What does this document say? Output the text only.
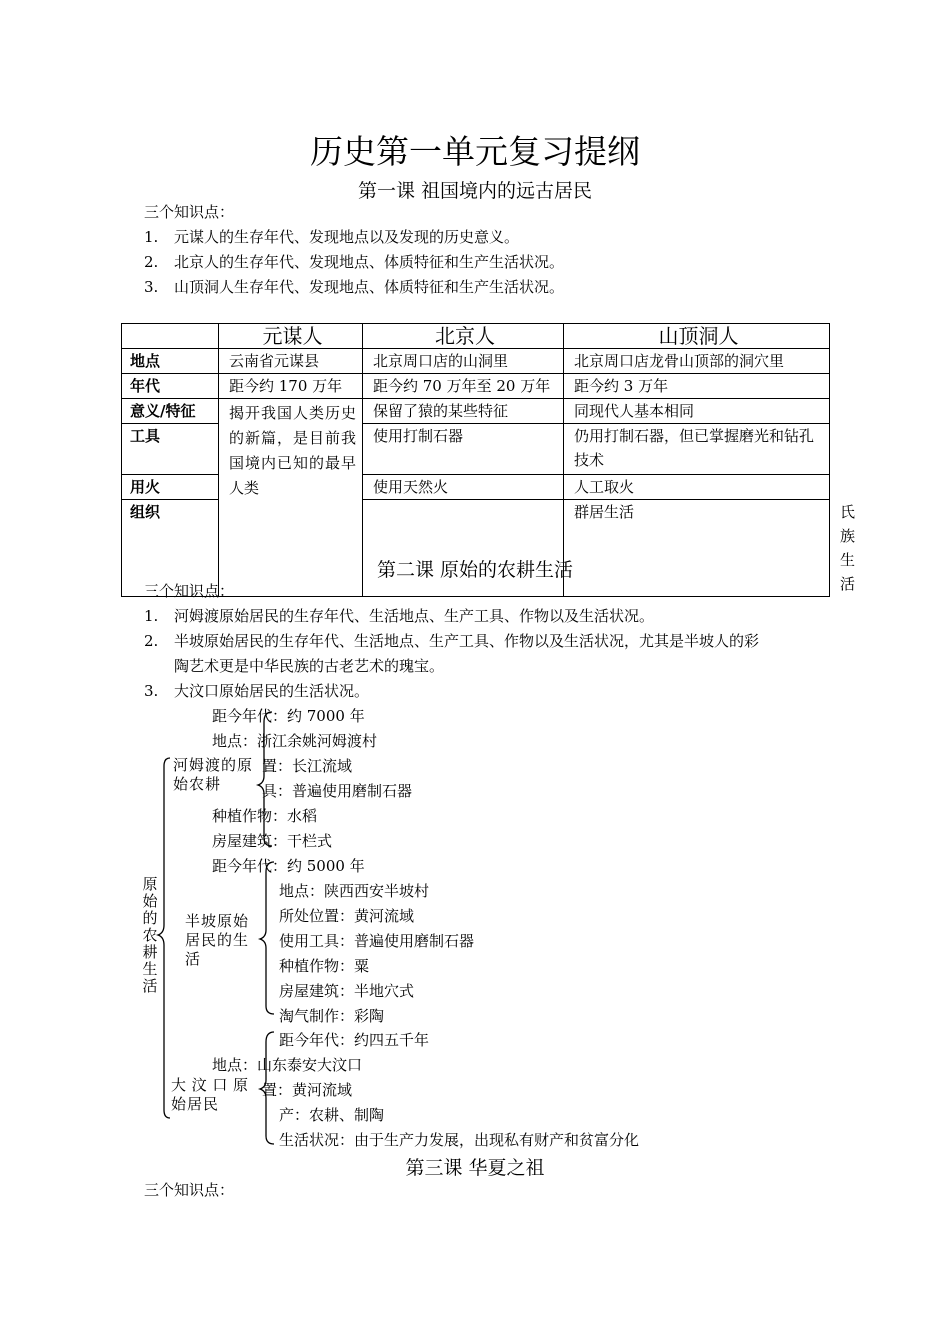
历史第一单元复习提纲
第一课 祖国境内的远古居民
三个知识点：
1. 元谋人的生存年代、发现地点以及发现的历史意义。
2. 北京人的生存年代、发现地点、体质特征和生产生活状况。
3. 山顶洞人生存年代、发现地点、体质特征和生产生活状况。
	元谋人	北京人	山顶洞人	
地点	云南省元谋县	北京周口店的山洞里	北京周口店龙骨山顶部的洞穴里	
年代	距今约 170 万年	距今约 70 万年至 20 万年	距今约 3 万年	
意义/特征	揭开我国人类历史的新篇，是目前我国境内已知的最早人类	保留了猿的某些特征	同现代人基本相同	
工具		使用打制石器	仍用打制石器，但已掌握磨光和钻孔技术	
用火		使用天然火	人工取火	
组织			群居生活	氏族生活
第二课 原始的农耕生活
三个知识点：
1. 河姆渡原始居民的生存年代、生活地点、生产工具、作物以及生活状况。
2. 半坡原始居民的生存年代、生活地点、生产工具、作物以及生活状况，尤其是半坡人的彩
陶艺术更是中华民族的古老艺术的瑰宝。
3. 大汶口原始居民的生活状况。
原始的农耕生活
河姆渡的原始农耕
距今年代：约 7000 年
地点：浙江余姚河姆渡村
置：长江流域
具：普遍使用磨制石器
种植作物：水稻
房屋建筑：干栏式
半坡原始居民的生活
距今年代：约 5000 年
地点：陕西西安半坡村
所处位置：黄河流域
使用工具：普遍使用磨制石器
种植作物：粟
房屋建筑：半地穴式
淘气制作：彩陶
大汶口原始居民
距今年代：约四五千年
地点：山东泰安大汶口
置：黄河流域
产：农耕、制陶
生活状况：由于生产力发展，出现私有财产和贫富分化
第三课 华夏之祖
三个知识点：
